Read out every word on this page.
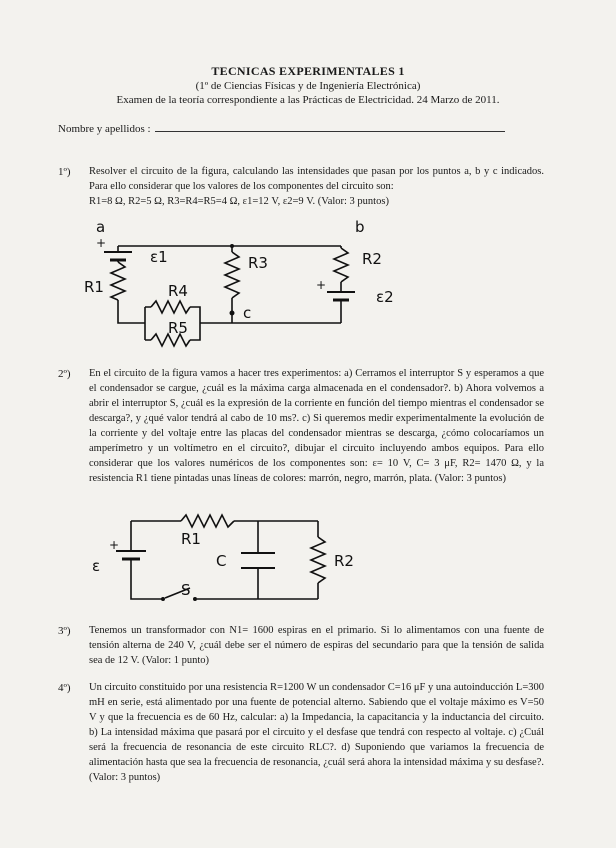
TECNICAS EXPERIMENTALES 1
(1º de Ciencias Físicas y de Ingeniería Electrónica)
Examen de la teoría correspondiente a las Prácticas de Electricidad. 24 Marzo de 2011.
Nombre y apellidos :
1º) Resolver el circuito de la figura, calculando las intensidades que pasan por los puntos a, b y c indicados. Para ello considerar que los valores de los componentes del circuito son:

R1=8 Ω, R2=5 Ω, R3=R4=R5=4 Ω, ε1=12 V, ε2=9 V. (Valor: 3 puntos)

a
+
ε1
R1
R3
R4
R5
c
b
R2
+
ε2
2º) En el circuito de la figura vamos a hacer tres experimentos: a) Cerramos el interruptor S y esperamos a que el condensador se cargue, ¿cuál es la máxima carga almacenada en el condensador?. b) Ahora volvemos a abrir el interruptor S, ¿cuál es la expresión de la corriente en función del tiempo mientras el condensador se descarga?, y ¿qué valor tendrá al cabo de 10 ms?. c) Si queremos medir experimentalmente la evolución de la corriente y del voltaje entre las placas del condensador mientras se descarga, ¿cómo colocaríamos un amperímetro y un voltímetro en el circuito?, dibujar el circuito incluyendo ambos equipos. Para ello considerar que los valores numéricos de los componentes son: ε= 10 V, C= 3 μF, R2= 1470 Ω, y la resistencia R1 tiene pintadas unas líneas de colores: marrón, negro, marrón, plata. (Valor: 3 puntos)
+
ε
R1
C	R2
S
3º) Tenemos un transformador con N1= 1600 espiras en el primario. Si lo alimentamos con una fuente de tensión alterna de 240 V, ¿cuál debe ser el número de espiras del secundario para que la tensión de salida sea de 12 V. (Valor: 1 punto)
4º) Un circuito constituido por una resistencia R=1200 W un condensador C=16 μF y una autoinducción L=300 mH en serie, está alimentado por una fuente de potencial alterno. Sabiendo que el voltaje máximo es V=50 V y que la frecuencia es de 60 Hz, calcular: a) la Impedancia, la capacitancia y la inductancia del circuito. b) La intensidad máxima que pasará por el circuito y el desfase que tendrá con respecto al voltaje. c) ¿Cuál será la frecuencia de resonancia de este circuito RLC?. d) Suponiendo que variamos la frecuencia de alimentación hasta que sea la frecuencia de resonancia, ¿cuál será ahora la intensidad máxima y su desfase?. (Valor: 3 puntos)
